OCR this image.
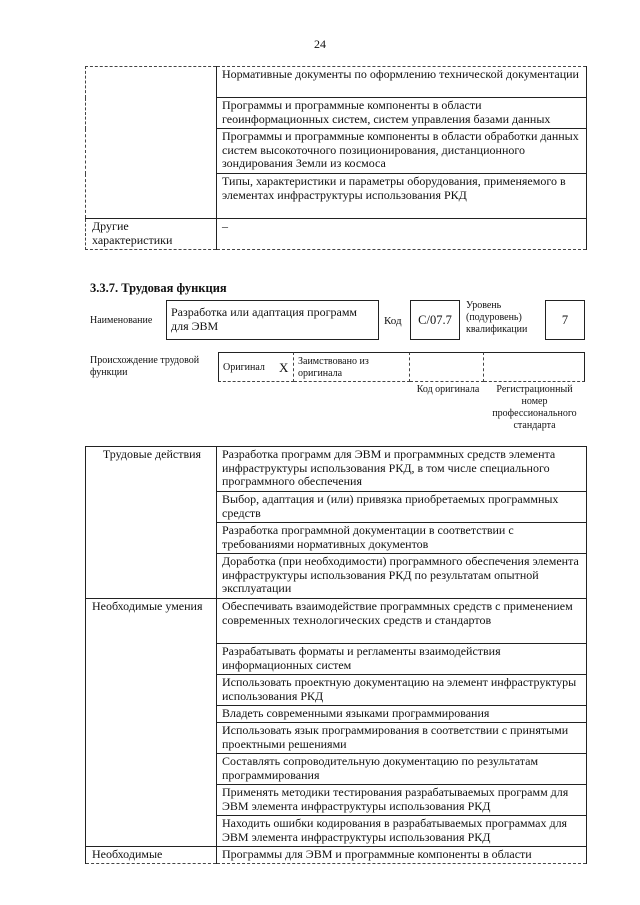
24
	Нормативные документы по оформлению технической документации
	Программы и программные компоненты в области геоинформационных систем, систем управления базами данных
	Программы и программные компоненты в области обработки данных систем высокоточного позиционирования, дистанционного зондирования Земли из космоса
	Типы, характеристики и параметры оборудования, применяемого в элементах инфраструктуры использования РКД
Другие характеристики	–
3.3.7. Трудовая функция
Наименование
Разработка или адаптация программ для ЭВМ	Код	C/07.7
Уровень (подуровень) квалификации
7
Происхождение трудовой функции	Оригинал X Заимствовано из оригинала
Код оригинала	Регистрационный номер профессионального стандарта
Трудовые действия	Разработка программ для ЭВМ и программных средств элемента инфраструктуры использования РКД, в том числе специального программного обеспечения
	Выбор, адаптация и (или) привязка приобретаемых программных средств
	Разработка программной документации в соответствии с требованиями нормативных документов
	Доработка (при необходимости) программного обеспечения элемента инфраструктуры использования РКД по результатам опытной эксплуатации
Необходимые умения	Обеспечивать взаимодействие программных средств с применением современных технологических средств и стандартов
	Разрабатывать форматы и регламенты взаимодействия информационных систем
	Использовать проектную документацию на элемент инфраструктуры использования РКД
	Владеть современными языками программирования
	Использовать язык программирования в соответствии с принятыми проектными решениями
	Составлять сопроводительную документацию по результатам программирования
	Применять методики тестирования разрабатываемых программ для ЭВМ элемента инфраструктуры использования РКД
	Находить ошибки кодирования в разрабатываемых программах для ЭВМ элемента инфраструктуры использования РКД
Необходимые	Программы для ЭВМ и программные компоненты в области
